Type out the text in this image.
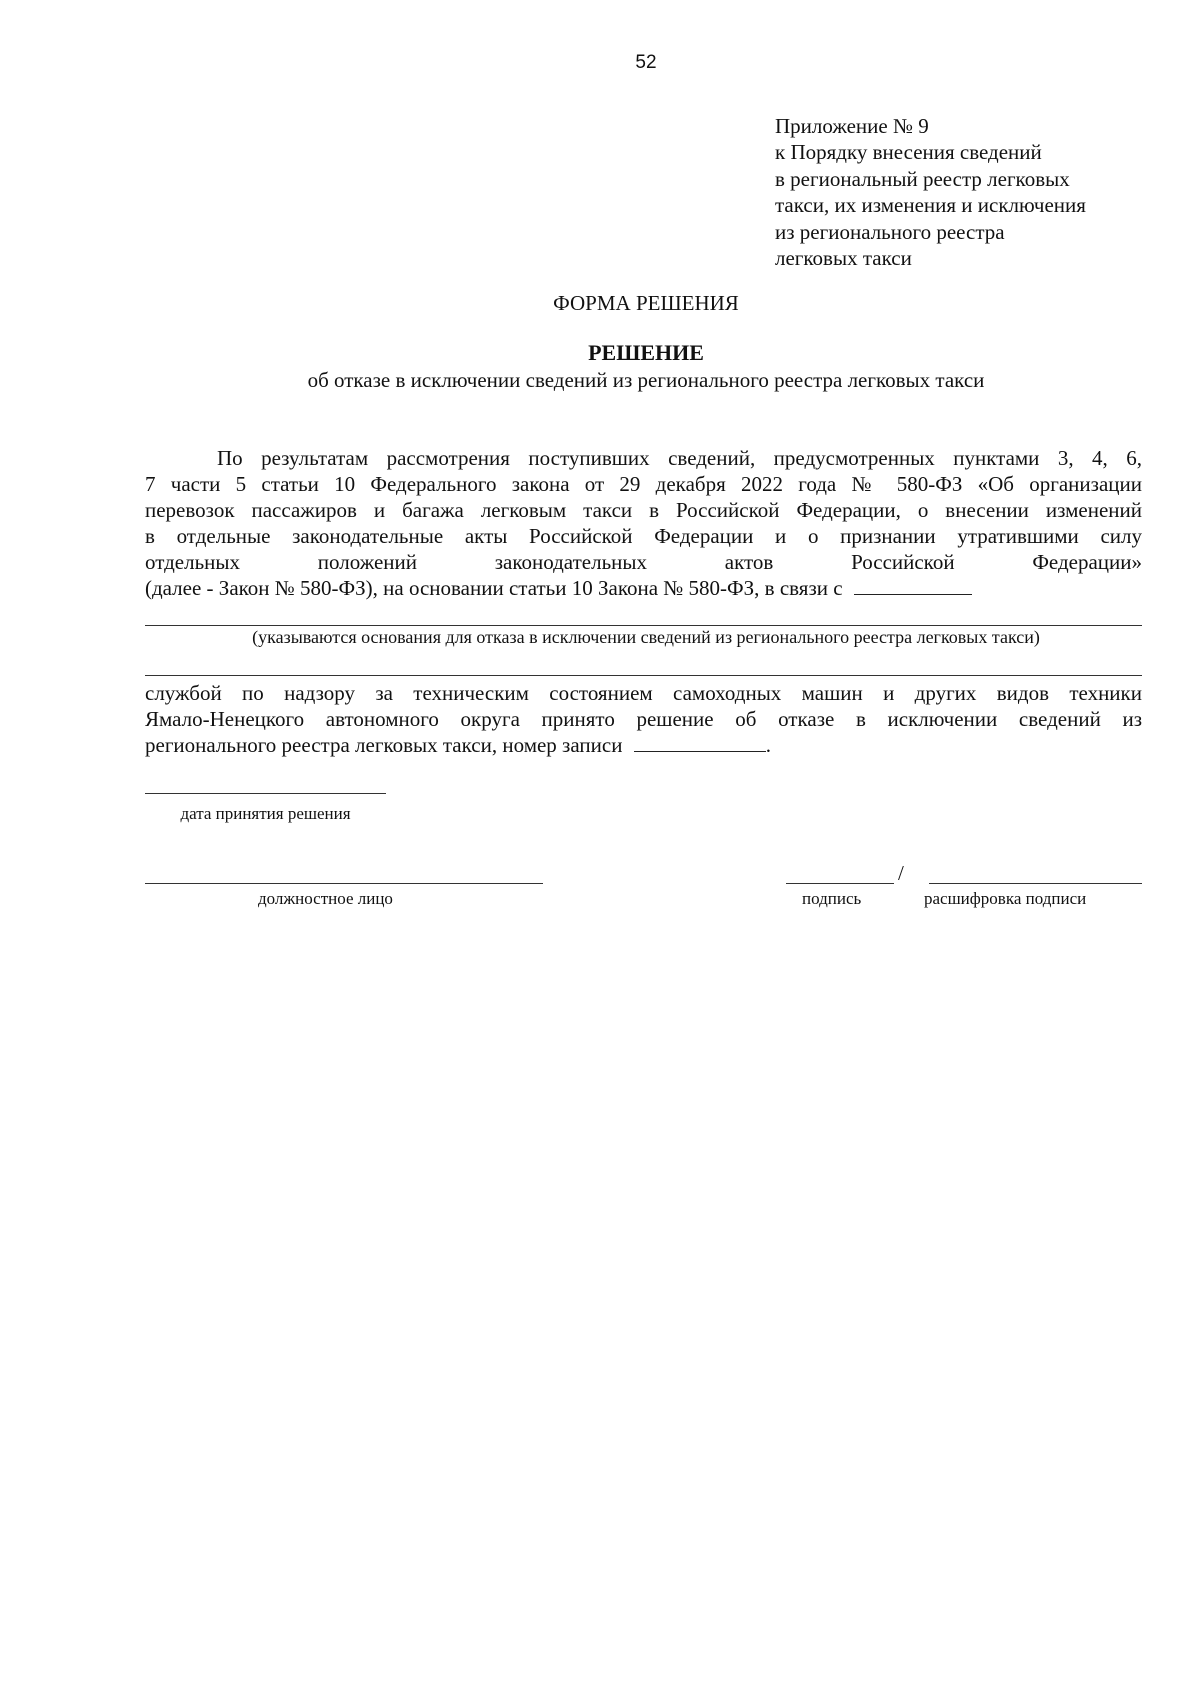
52
Приложение № 9
к Порядку внесения сведений
в региональный реестр легковых
такси, их изменения и исключения
из регионального реестра
легковых такси
ФОРМА РЕШЕНИЯ
РЕШЕНИЕ
об отказе в исключении сведений из регионального реестра легковых такси
По результатам рассмотрения поступивших сведений, предусмотренных пунктами 3, 4, 6,
7 части 5 статьи 10 Федерального закона от 29 декабря 2022 года № 580-ФЗ «Об организации
перевозок пассажиров и багажа легковым такси в Российской Федерации, о внесении изменений
в отдельные законодательные акты Российской Федерации и о признании утратившими силу
отдельных положений законодательных актов Российской Федерации»
(далее - Закон № 580-ФЗ), на основании статьи 10 Закона № 580-ФЗ, в связи с
(указываются основания для отказа в исключении сведений из регионального реестра легковых такси)
службой по надзору за техническим состоянием самоходных машин и других видов техники
Ямало-Ненецкого автономного округа принято решение об отказе в исключении сведений из
регионального реестра легковых такси, номер записи	.
дата принятия решения
должностное лицо
/
подпись	расшифровка подписи
